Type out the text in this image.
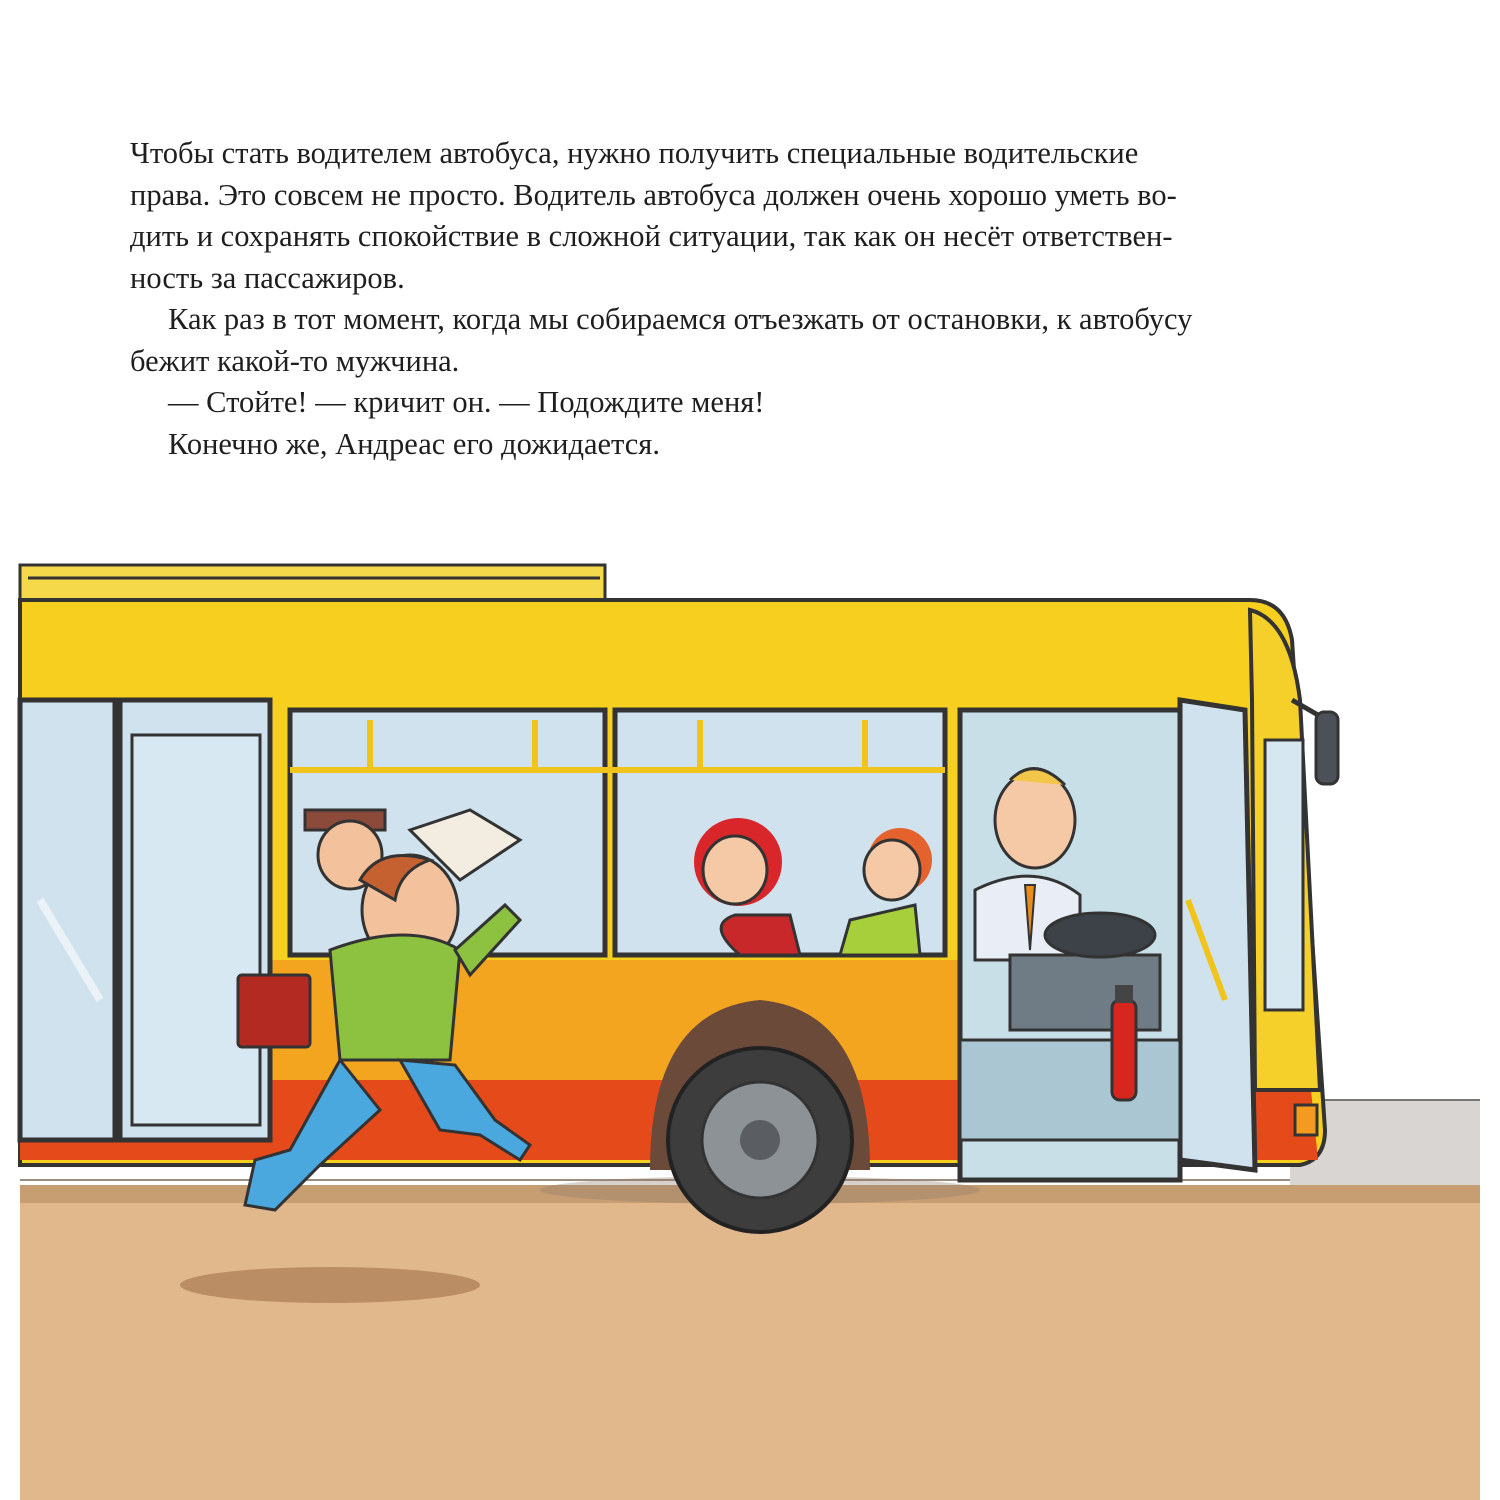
Чтобы стать водителем автобуса, нужно получить специальные водительские
права. Это совсем не просто. Водитель автобуса должен очень хорошо уметь во-
дить и сохранять спокойствие в сложной ситуации, так как он несёт ответствен-
ность за пассажиров.
Как раз в тот момент, когда мы собираемся отъезжать от остановки, к автобусу
бежит какой-то мужчина.
— Стойте! — кричит он. — Подождите меня!
Конечно же, Андреас его дожидается.
